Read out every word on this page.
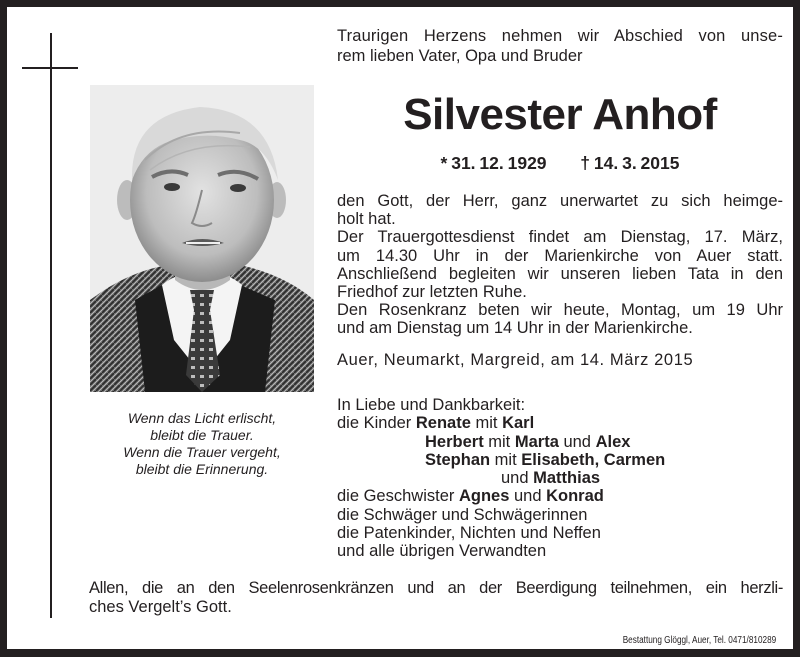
Wenn das Licht erlischt,
bleibt die Trauer.
Wenn die Trauer vergeht,
bleibt die Erinnerung.
Traurigen Herzens nehmen wir Abschied von unse-
rem lieben Vater, Opa und Bruder
Silvester Anhof
* 31. 12. 1929 † 14. 3. 2015
den Gott, der Herr, ganz unerwartet zu sich heimge-
holt hat.
Der Trauergottesdienst findet am Dienstag, 17. März,
um 14.30 Uhr in der Marienkirche von Auer statt.
Anschließend begleiten wir unseren lieben Tata in den
Friedhof zur letzten Ruhe.
Den Rosenkranz beten wir heute, Montag, um 19 Uhr
und am Dienstag um 14 Uhr in der Marienkirche.
Auer, Neumarkt, Margreid, am 14. März 2015
In Liebe und Dankbarkeit:
die Kinder Renate mit Karl
Herbert mit Marta und Alex
Stephan mit Elisabeth, Carmen
und Matthias
die Geschwister Agnes und Konrad
die Schwäger und Schwägerinnen
die Patenkinder, Nichten und Neffen
und alle übrigen Verwandten
Allen, die an den Seelenrosenkränzen und an der Beerdigung teilnehmen, ein herzli-
ches Vergelt’s Gott.
Bestattung Glöggl, Auer, Tel. 0471/810289
